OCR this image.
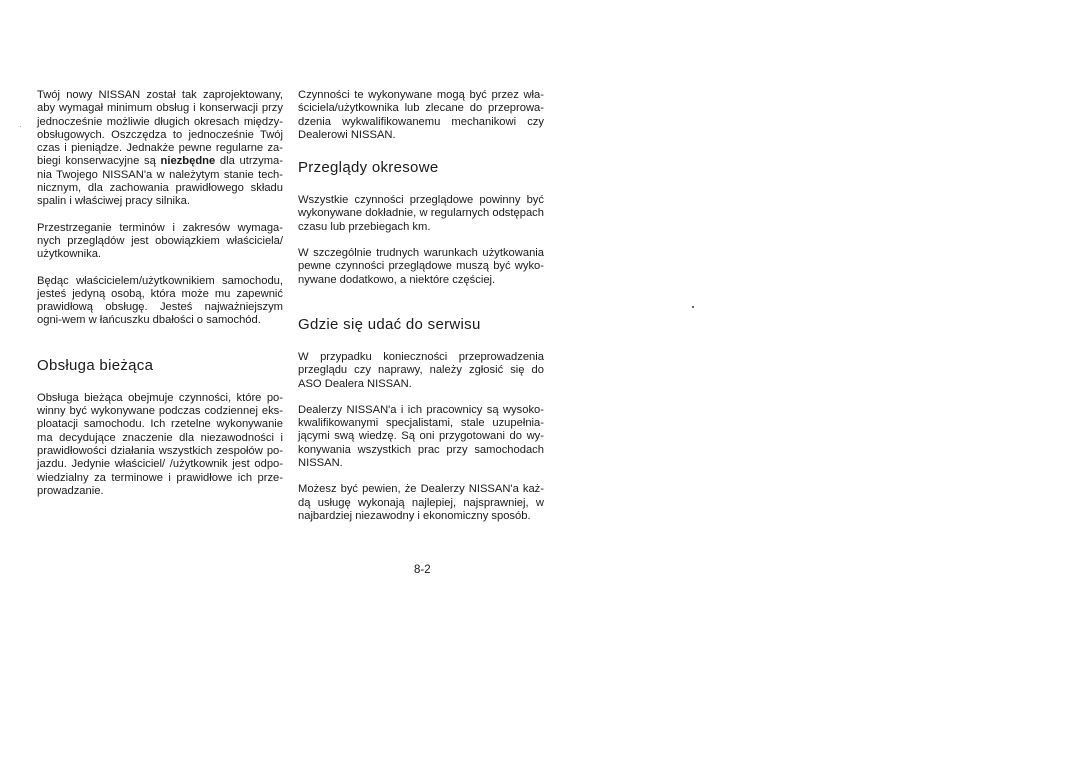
Twój nowy NISSAN został tak zaprojektowany, aby wymagał minimum obsług i konserwacji przy jednocześnie możliwie długich okresach między-obsługowych. Oszczędza to jednocześnie Twój czas i pieniądze. Jednakże pewne regularne za-biegi konserwacyjne są niezbędne dla utrzyma-nia Twojego NISSAN'a w należytym stanie tech-nicznym, dla zachowania prawidłowego składu spalin i właściwej pracy silnika.

Przestrzeganie terminów i zakresów wymaga-nych przeglądów jest obowiązkiem właściciela/ użytkownika.

Będąc właścicielem/użytkownikiem samochodu, jesteś jedyną osobą, która może mu zapewnić prawidłową obsługę. Jesteś najważniejszym ogni-wem w łańcuszku dbałości o samochód.

Obsługa bieżąca

Obsługa bieżąca obejmuje czynności, które po-winny być wykonywane podczas codziennej eks-ploatacji samochodu. Ich rzetelne wykonywanie ma decydujące znaczenie dla niezawodności i prawidłowości działania wszystkich zespołów po-jazdu. Jedynie właściciel/ /użytkownik jest odpo-wiedzialny za terminowe i prawidłowe ich prze-prowadzanie.

Czynności te wykonywane mogą być przez wła-ściciela/użytkownika lub zlecane do przeprowa-dzenia wykwalifikowanemu mechanikowi czy Dealerowi NISSAN.

Przeglądy okresowe

Wszystkie czynności przeglądowe powinny być wykonywane dokładnie, w regularnych odstępach czasu lub przebiegach km.

W szczególnie trudnych warunkach użytkowania pewne czynności przeglądowe muszą być wyko-nywane dodatkowo, a niektóre częściej.

Gdzie się udać do serwisu

W przypadku konieczności przeprowadzenia przeglądu czy naprawy, należy zgłosić się do ASO Dealera NISSAN.

Dealerzy NISSAN'a i ich pracownicy są wysoko-kwalifikowanymi specjalistami, stale uzupełnia-jącymi swą wiedzę. Są oni przygotowani do wy-konywania wszystkich prac przy samochodach NISSAN.

Możesz być pewien, że Dealerzy NISSAN'a każ-dą usługę wykonają najlepiej, najsprawniej, w najbardziej niezawodny i ekonomiczny sposób.

8-2
